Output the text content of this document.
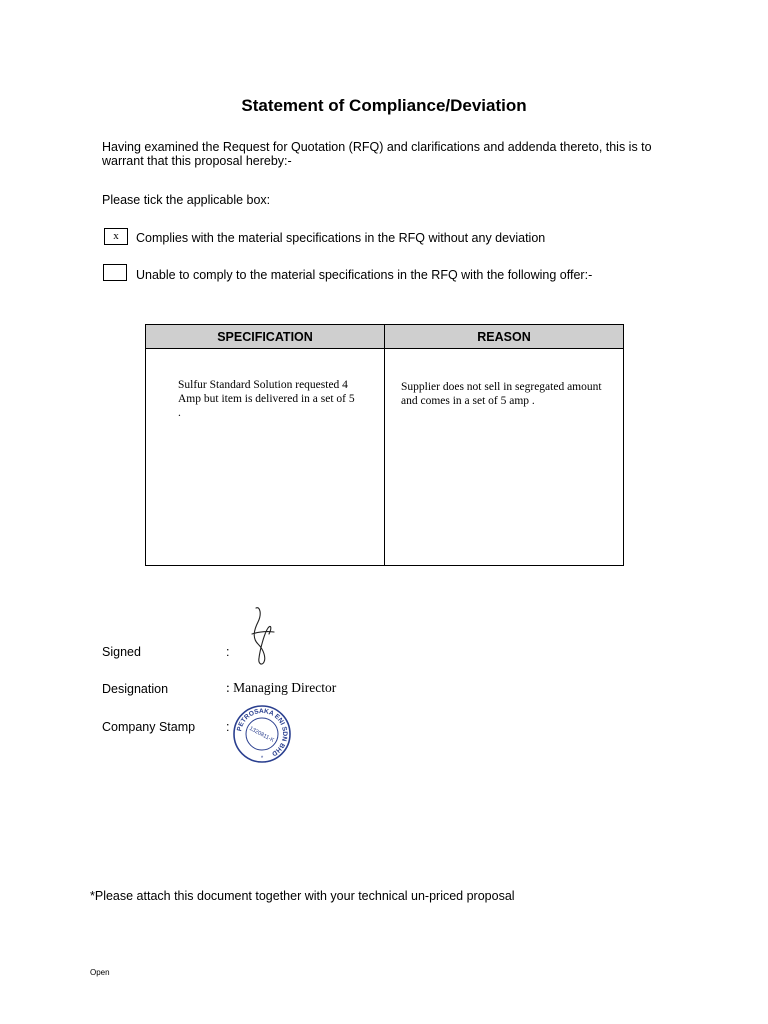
Statement of Compliance/Deviation
Having examined the Request for Quotation (RFQ) and clarifications and addenda thereto, this is to warrant that this proposal hereby:-
Please tick the applicable box:
x	Complies with the material specifications in the RFQ without any deviation
Unable to comply to the material specifications in the RFQ with the following offer:-
SPECIFICATION	REASON

Sulfur Standard Solution requested 4 Amp but item is delivered in a set of 5 .	Supplier does not sell in segregated amount and comes in a set of 5 amp .
Signed	:
Designation	: Managing Director
Company Stamp : PETROSAKA ENI SDN BHD
1320811-K
*
*Please attach this document together with your technical un-priced proposal
Open
